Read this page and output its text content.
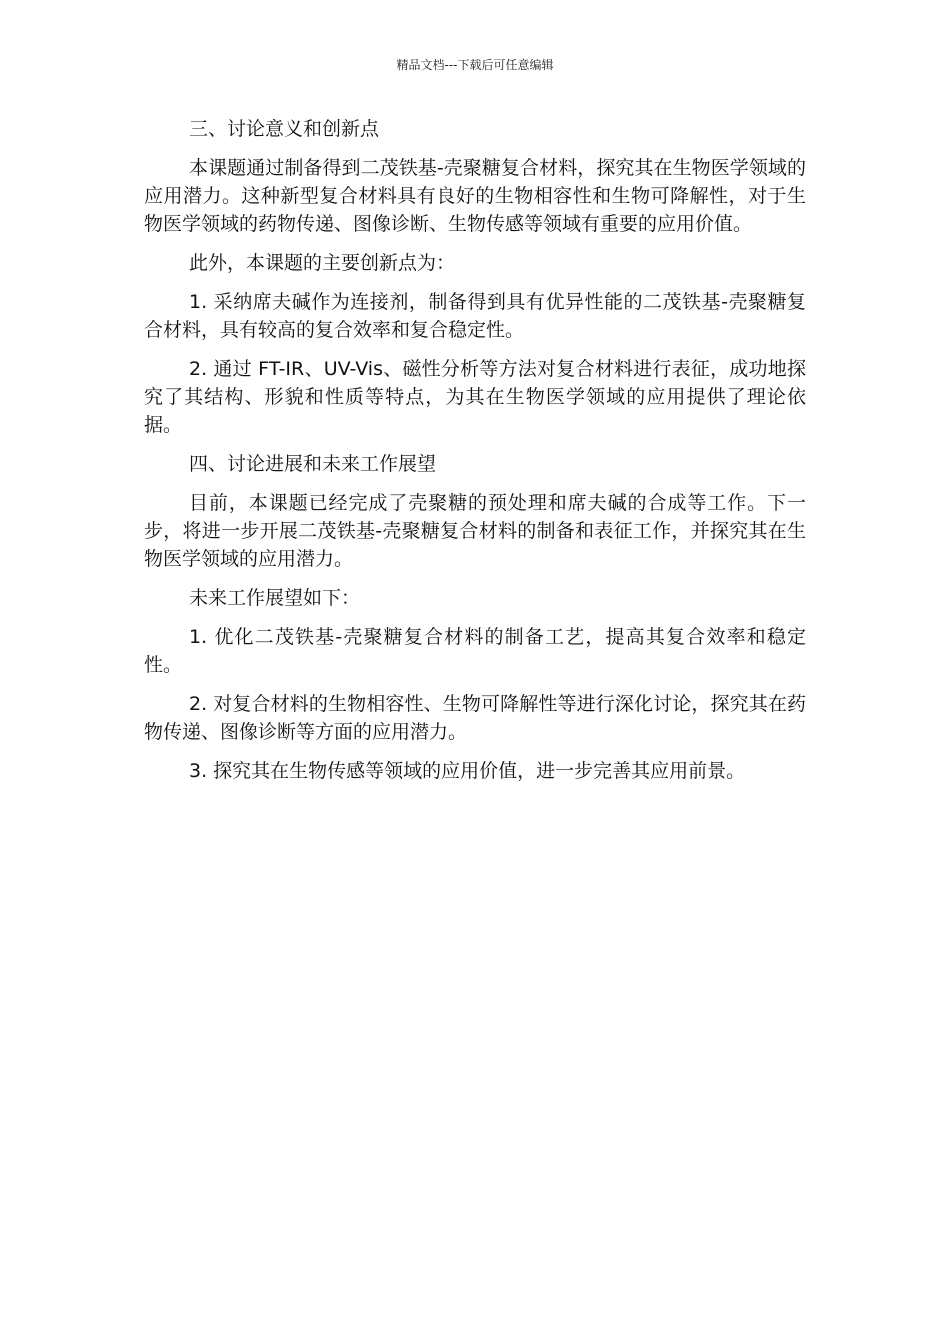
精品文档---下载后可任意编辑

三、讨论意义和创新点

本课题通过制备得到二茂铁基-壳聚糖复合材料，探究其在生物医学领域的应用潜力。这种新型复合材料具有良好的生物相容性和生物可降解性，对于生物医学领域的药物传递、图像诊断、生物传感等领域有重要的应用价值。

此外，本课题的主要创新点为：

1. 采纳席夫碱作为连接剂，制备得到具有优异性能的二茂铁基-壳聚糖复合材料，具有较高的复合效率和复合稳定性。

2. 通过 FT-IR、UV-Vis、磁性分析等方法对复合材料进行表征，成功地探究了其结构、形貌和性质等特点，为其在生物医学领域的应用提供了理论依据。

四、讨论进展和未来工作展望

目前，本课题已经完成了壳聚糖的预处理和席夫碱的合成等工作。下一步，将进一步开展二茂铁基-壳聚糖复合材料的制备和表征工作，并探究其在生物医学领域的应用潜力。

未来工作展望如下：

1. 优化二茂铁基-壳聚糖复合材料的制备工艺，提高其复合效率和稳定性。

2. 对复合材料的生物相容性、生物可降解性等进行深化讨论，探究其在药物传递、图像诊断等方面的应用潜力。

3. 探究其在生物传感等领域的应用价值，进一步完善其应用前景。
